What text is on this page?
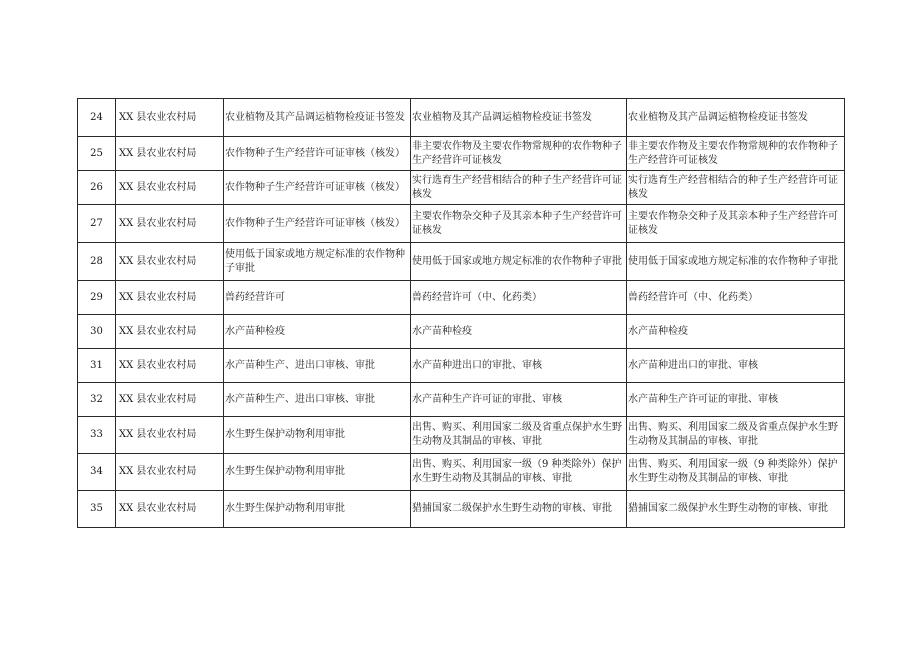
24	XX 县农业农村局	农业植物及其产品调运植物检疫证书签发	农业植物及其产品调运植物检疫证书签发	农业植物及其产品调运植物检疫证书签发
25	XX 县农业农村局	农作物种子生产经营许可证审核（核发）	非主要农作物及主要农作物常规种的农作物种子生产经营许可证核发	非主要农作物及主要农作物常规种的农作物种子生产经营许可证核发
26	XX 县农业农村局	农作物种子生产经营许可证审核（核发）	实行选育生产经营相结合的种子生产经营许可证核发	实行选育生产经营相结合的种子生产经营许可证核发
27	XX 县农业农村局	农作物种子生产经营许可证审核（核发）	主要农作物杂交种子及其亲本种子生产经营许可证核发	主要农作物杂交种子及其亲本种子生产经营许可证核发
28	XX 县农业农村局	使用低于国家或地方规定标准的农作物种子审批	使用低于国家或地方规定标准的农作物种子审批	使用低于国家或地方规定标准的农作物种子审批
29	XX 县农业农村局	兽药经营许可	兽药经营许可（中、化药类）	兽药经营许可（中、化药类）
30	XX 县农业农村局	水产苗种检疫	水产苗种检疫	水产苗种检疫
31	XX 县农业农村局	水产苗种生产、进出口审核、审批	水产苗种进出口的审批、审核	水产苗种进出口的审批、审核
32	XX 县农业农村局	水产苗种生产、进出口审核、审批	水产苗种生产许可证的审批、审核	水产苗种生产许可证的审批、审核
33	XX 县农业农村局	水生野生保护动物利用审批	出售、购买、利用国家二级及省重点保护水生野生动物及其制品的审核、审批	出售、购买、利用国家二级及省重点保护水生野生动物及其制品的审核、审批
34	XX 县农业农村局	水生野生保护动物利用审批	出售、购买、利用国家一级（9 种类除外）保护水生野生动物及其制品的审核、审批	出售、购买、利用国家一级（9 种类除外）保护水生野生动物及其制品的审核、审批
35	XX 县农业农村局	水生野生保护动物利用审批	猎捕国家二级保护水生野生动物的审核、审批	猎捕国家二级保护水生野生动物的审核、审批
